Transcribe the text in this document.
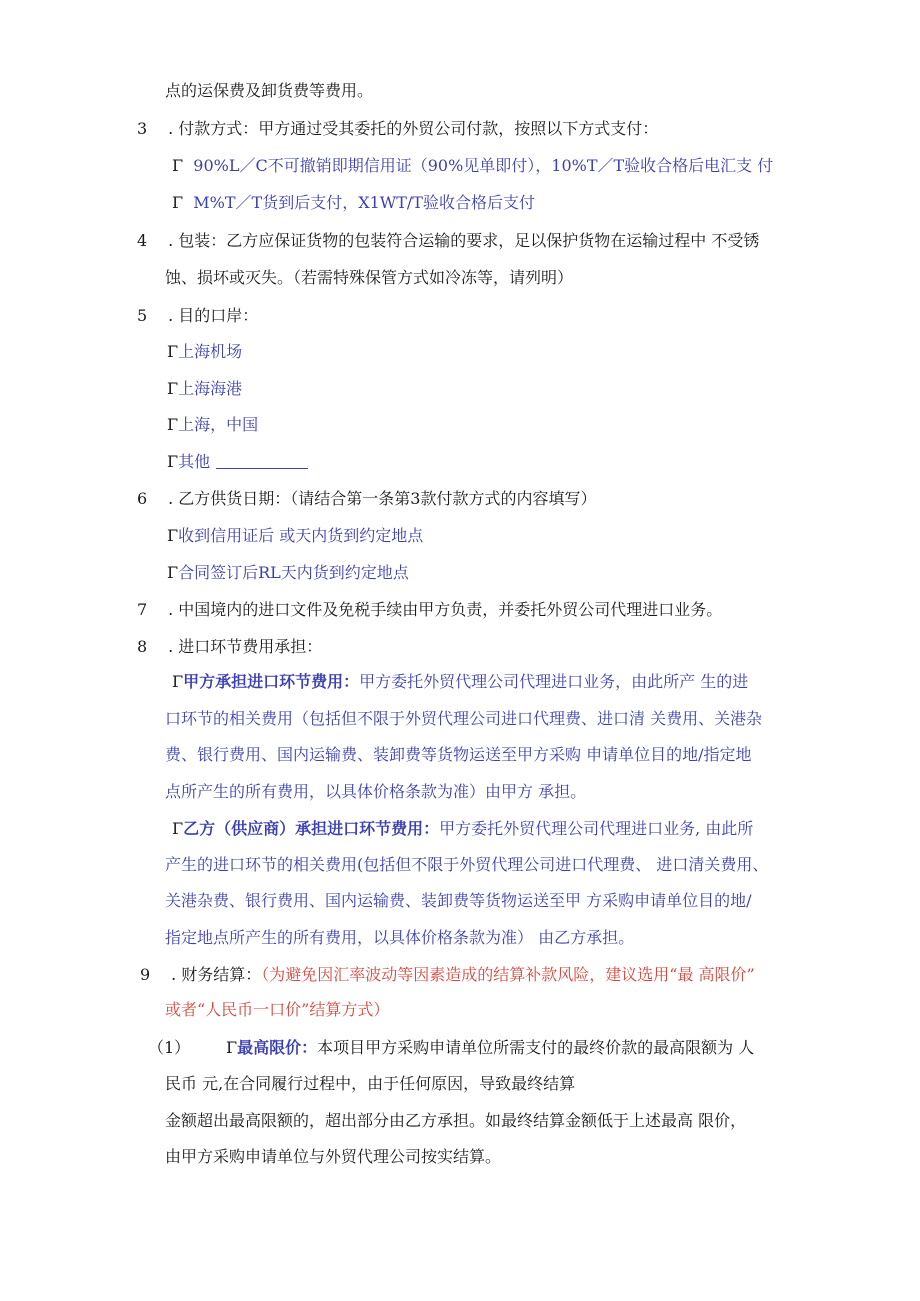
点的运保费及卸货费等费用。
3 . 付款方式：甲方通过受其委托的外贸公司付款，按照以下方式支付：
Γ 90%L／C不可撤销即期信用证（90%见单即付），10%T／T验收合格后电汇支 付
Γ M%T／T货到后支付，X1WT/T验收合格后支付
4 . 包装：乙方应保证货物的包装符合运输的要求，足以保护货物在运输过程中 不受锈
蚀、损坏或灭失。（若需特殊保管方式如冷冻等，请列明）
5 . 目的口岸：
Γ上海机场
Γ上海海港
Γ上海，中国
Γ其他
6 . 乙方供货日期：（请结合第一条第3款付款方式的内容填写）
Γ收到信用证后 或天内货到约定地点
Γ合同签订后RL天内货到约定地点
7 . 中国境内的进口文件及免税手续由甲方负责，并委托外贸公司代理进口业务。
8 . 进口环节费用承担：
Γ甲方承担进口环节费用：甲方委托外贸代理公司代理进口业务，由此所产 生的进
口环节的相关费用（包括但不限于外贸代理公司进口代理费、进口清 关费用、关港杂
费、银行费用、国内运输费、装卸费等货物运送至甲方采购 申请单位目的地/指定地
点所产生的所有费用，以具体价格条款为准）由甲方 承担。
Γ乙方（供应商）承担进口环节费用：甲方委托外贸代理公司代理进口业务, 由此所
产生的进口环节的相关费用(包括但不限于外贸代理公司进口代理费、 进口清关费用、
关港杂费、银行费用、国内运输费、装卸费等货物运送至甲 方采购申请单位目的地/
指定地点所产生的所有费用，以具体价格条款为准） 由乙方承担。
9 . 财务结算：（为避免因汇率波动等因素造成的结算补款风险，建议选用“最 高限价”
或者“人民币一口价”结算方式）
（1） Γ最高限价：本项目甲方采购申请单位所需支付的最终价款的最高限额为 人
民币 元,在合同履行过程中，由于任何原因，导致最终结算
金额超出最高限额的，超出部分由乙方承担。如最终结算金额低于上述最高 限价，
由甲方采购申请单位与外贸代理公司按实结算。
